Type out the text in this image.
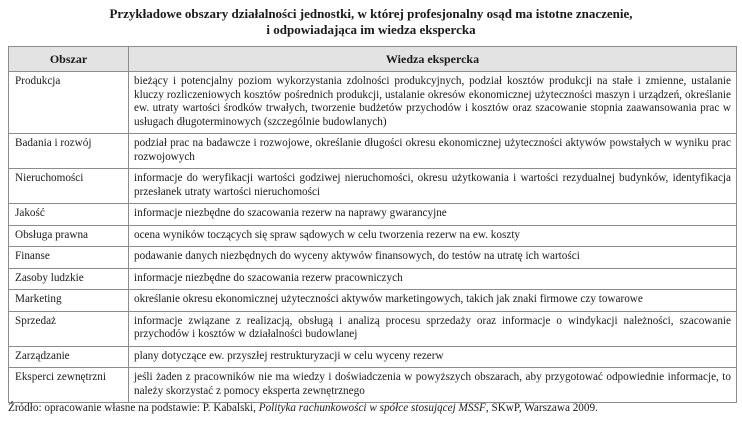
Przykładowe obszary działalności jednostki, w której profesjonalny osąd ma istotne znaczenie,
i odpowiadająca im wiedza ekspercka
Obszar	Wiedza ekspercka
Produkcja	bieżący i potencjalny poziom wykorzystania zdolności produkcyjnych, podział kosztów produkcji na stałe i zmienne, ustalanie kluczy rozliczeniowych kosztów pośrednich produkcji, ustalanie okresów ekonomicznej użyteczności maszyn i urządzeń, określanie ew. utraty wartości środków trwałych, tworzenie budżetów przychodów i kosztów oraz szacowanie stopnia zaawansowania prac w usługach długoterminowych (szczególnie budowlanych)
Badania i rozwój	podział prac na badawcze i rozwojowe, określanie długości okresu ekonomicznej użyteczności aktywów powstałych w wyniku prac rozwojowych
Nieruchomości	informacje do weryfikacji wartości godziwej nieruchomości, okresu użytkowania i wartości rezydualnej budynków, identyfikacja przesłanek utraty wartości nieruchomości
Jakość	informacje niezbędne do szacowania rezerw na naprawy gwarancyjne
Obsługa prawna	ocena wyników toczących się spraw sądowych w celu tworzenia rezerw na ew. koszty
Finanse	podawanie danych niezbędnych do wyceny aktywów finansowych, do testów na utratę ich wartości
Zasoby ludzkie	informacje niezbędne do szacowania rezerw pracowniczych
Marketing	określanie okresu ekonomicznej użyteczności aktywów marketingowych, takich jak znaki firmowe czy towarowe
Sprzedaż	informacje związane z realizacją, obsługą i analizą procesu sprzedaży oraz informacje o windykacji należności, szacowanie przychodów i kosztów w działalności budowlanej
Zarządzanie	plany dotyczące ew. przyszłej restrukturyzacji w celu wyceny rezerw
Eksperci zewnętrzni	jeśli żaden z pracowników nie ma wiedzy i doświadczenia w powyższych obszarach, aby przygotować odpowiednie informacje, to należy skorzystać z pomocy eksperta zewnętrznego
Źródło: opracowanie własne na podstawie: P. Kabalski, Polityka rachunkowości w spółce stosującej MSSF, SKwP, Warszawa 2009.
